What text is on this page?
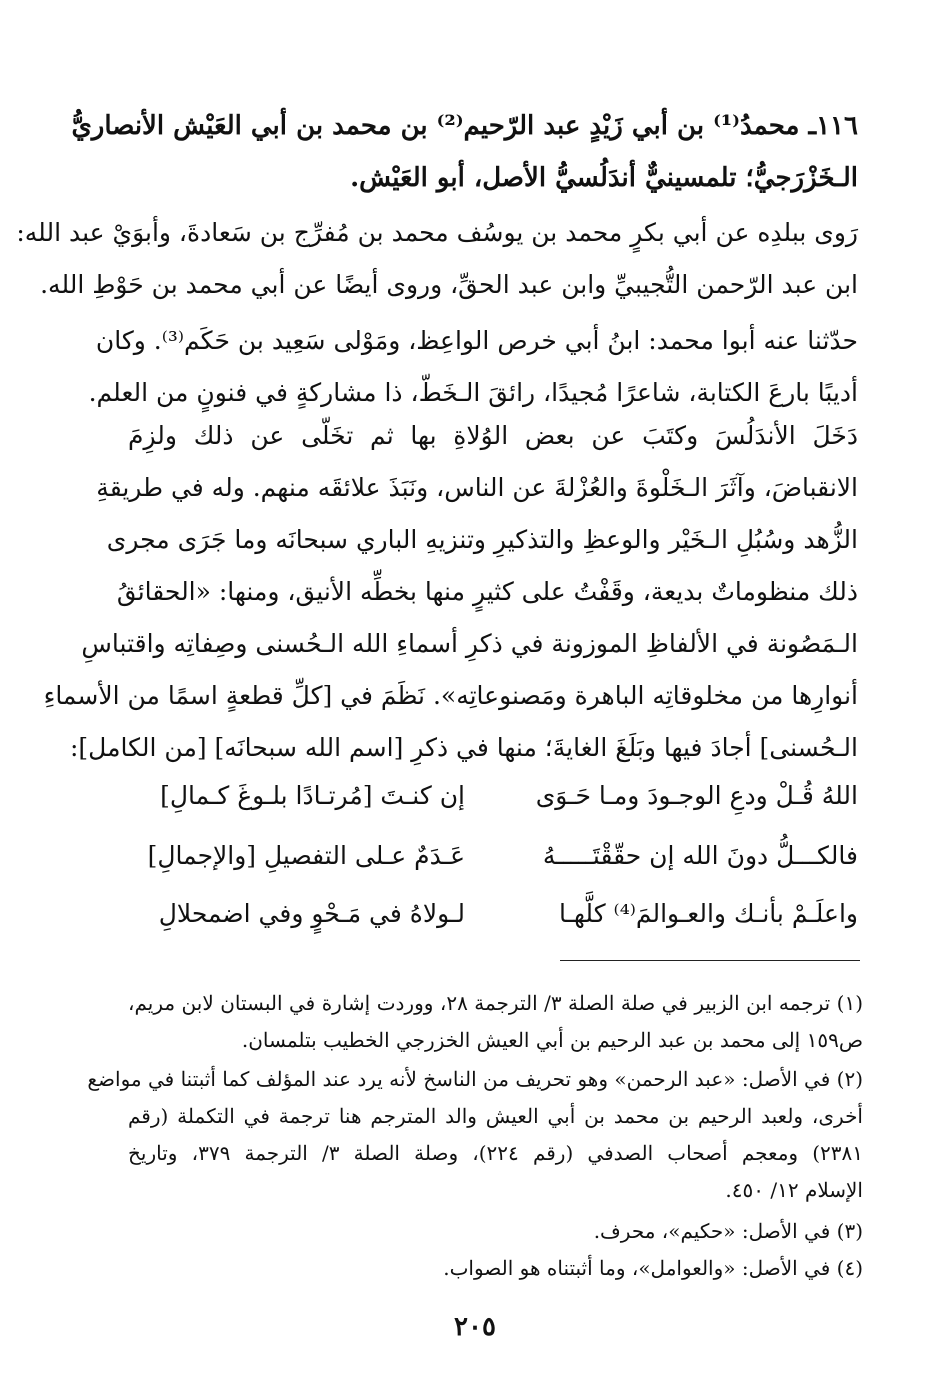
١١٦ـ محمدُ⁽¹⁾ بن أبي زَيْدٍ عبد الرّحيم⁽²⁾ بن محمد بن أبي العَيْش الأنصاريُّ
الـخَزْرَجيُّ؛ تلمسينيٌّ أندَلُسيُّ الأصل، أبو العَيْش.
رَوى ببلدِه عن أبي بكرٍ محمد بن يوسُف محمد بن مُفرِّج بن سَعادةَ، وأبوَيْ عبد الله:
ابن عبد الرّحمن التُّجيبيِّ وابن عبد الحقِّ، وروى أيضًا عن أبي محمد بن حَوْطِ الله.
حدّثنا عنه أبوا محمد: ابنُ أبي خرص الواعِظ، ومَوْلى سَعِيد بن حَكَم⁽³⁾. وكان
أديبًا بارعَ الكتابة، شاعرًا مُجيدًا، رائقَ الـخَطّ، ذا مشاركةٍ في فنونٍ من العلم.
دَخَلَ الأندَلُسَ وكتَبَ عن بعض الوُلاةِ بها ثم تخَلّى عن ذلك ولزِمَ
الانقباضَ، وآثَرَ الـخَلْوةَ والعُزْلةَ عن الناس، ونَبَذَ علائقَه منهم. وله في طريقةِ
الزُّهد وسُبُلِ الـخَيْر والوعظِ والتذكيرِ وتنزيهِ الباري سبحانَه وما جَرَى مجرى
ذلك منظوماتٌ بديعة، وقَفْتُ على كثيرٍ منها بخطِّه الأنيق، ومنها: «الحقائقُ
الـمَصُونة في الألفاظِ الموزونة في ذكرِ أسماءِ الله الـحُسنى وصِفاتِه واقتباسِ
أنوارِها من مخلوقاتِه الباهرة ومَصنوعاتِه». نَظَمَ في [كلِّ قطعةٍ اسمًا من الأسماءِ
الـحُسنى] أجادَ فيها وبَلَغَ الغايةَ؛ منها في ذكرِ [اسم الله سبحانَه] [من الكامل]:
اللهُ قُـلْ ودعِ الوجـودَ ومـا حَـوَى
إن كنـتَ [مُرتـادًا بلـوغَ كـمالِ]
فالكـــلُّ دونَ الله إن حقّقْتَـــــهُ
عَـدَمٌ عـلى التفصيلِ [والإجمالِ]
واعلَـمْ بأنـك والعـوالمَ⁽⁴⁾ كلَّهـا
لـولاهُ في مَـحْوٍ وفي اضمحلالِ
(١) ترجمه ابن الزبير في صلة الصلة ٣/ الترجمة ٢٨، ووردت إشارة في البستان لابن مريم،
ص١٥٩ إلى محمد بن عبد الرحيم بن أبي العيش الخزرجي الخطيب بتلمسان.
(٢) في الأصل: «عبد الرحمن» وهو تحريف من الناسخ لأنه يرد عند المؤلف كما أثبتنا في مواضع
أخرى، ولعبد الرحيم بن محمد بن أبي العيش والد المترجم هنا ترجمة في التكملة (رقم
٢٣٨١) ومعجم أصحاب الصدفي (رقم ٢٢٤)، وصلة الصلة ٣/ الترجمة ٣٧٩، وتاريخ
الإسلام ١٢/ ٤٥٠.
(٣) في الأصل: «حكيم»، محرف.
(٤) في الأصل: «والعوامل»، وما أثبتناه هو الصواب.
٢٠٥
